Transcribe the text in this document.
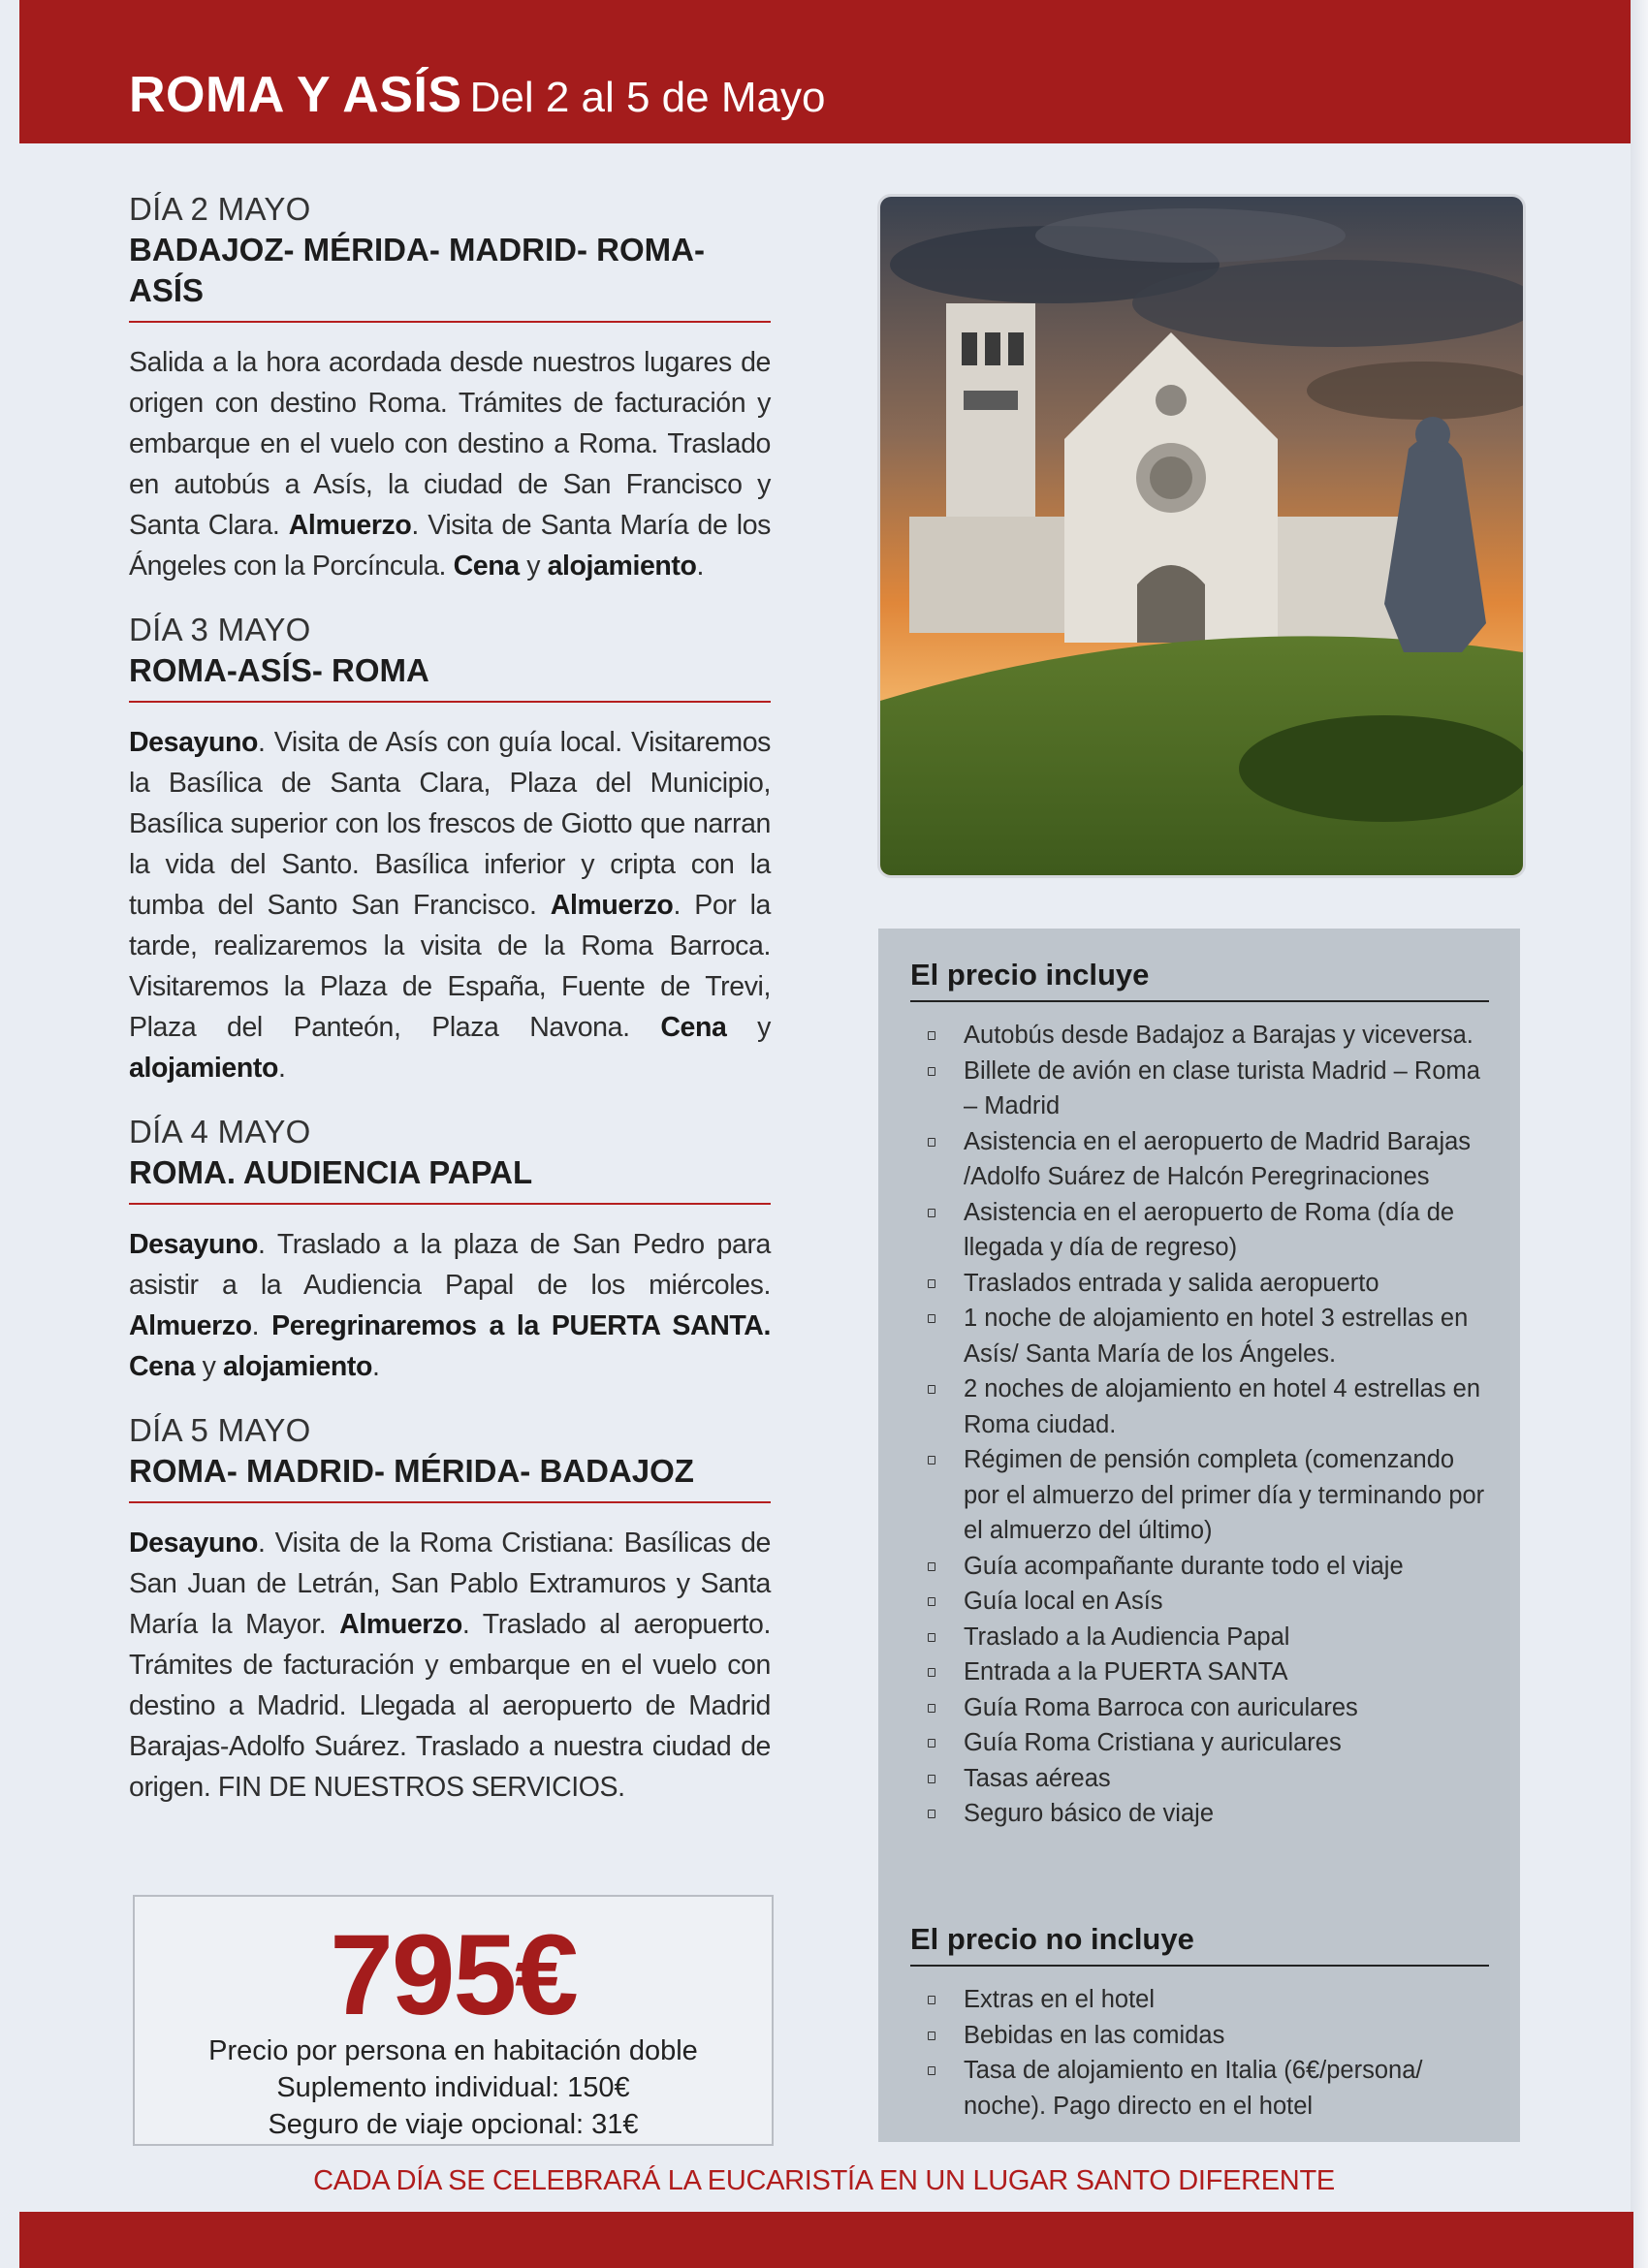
ROMA Y ASÍS Del 2 al 5 de Mayo
DÍA 2 MAYO
BADAJOZ- MÉRIDA- MADRID- ROMA- ASÍS
Salida a la hora acordada desde nuestros lugares de origen con destino Roma. Trámites de facturación y embarque en el vuelo con destino a Roma. Traslado en autobús a Asís, la ciudad de San Francisco y Santa Clara. Almuerzo. Visita de Santa María de los Ángeles con la Porcíncula. Cena y alojamiento.
DÍA 3 MAYO
ROMA-ASÍS- ROMA
Desayuno. Visita de Asís con guía local. Visitaremos la Basílica de Santa Clara, Plaza del Municipio, Basílica superior con los frescos de Giotto que narran la vida del Santo. Basílica inferior y cripta con la tumba del Santo San Francisco. Almuerzo. Por la tarde, realizaremos la visita de la Roma Barroca. Visitaremos la Plaza de España, Fuente de Trevi, Plaza del Panteón, Plaza Navona. Cena y alojamiento.
DÍA 4 MAYO
ROMA. AUDIENCIA PAPAL
Desayuno. Traslado a la plaza de San Pedro para asistir a la Audiencia Papal de los miércoles. Almuerzo. Peregrinaremos a la PUERTA SANTA. Cena y alojamiento.
DÍA 5 MAYO
ROMA- MADRID- MÉRIDA- BADAJOZ
Desayuno. Visita de la Roma Cristiana: Basílicas de San Juan de Letrán, San Pablo Extramuros y Santa María la Mayor. Almuerzo. Traslado al aeropuerto. Trámites de facturación y embarque en el vuelo con destino a Madrid. Llegada al aeropuerto de Madrid Barajas-Adolfo Suárez. Traslado a nuestra ciudad de origen. FIN DE NUESTROS SERVICIOS.
795€
Precio por persona en habitación doble
Suplemento individual: 150€
Seguro de viaje opcional: 31€
El precio incluye
Autobús desde Badajoz a Barajas y viceversa.
Billete de avión en clase turista Madrid – Roma – Madrid
Asistencia en el aeropuerto de Madrid Barajas /Adolfo Suárez de Halcón Peregrinaciones
Asistencia en el aeropuerto de Roma (día de llegada y día de regreso)
Traslados entrada y salida aeropuerto
1 noche de alojamiento en hotel 3 estrellas en Asís/ Santa María de los Ángeles.
2 noches de alojamiento en hotel 4 estrellas en Roma ciudad.
Régimen de pensión completa (comenzando por el almuerzo del primer día y terminando por el almuerzo del último)
Guía acompañante durante todo el viaje
Guía local en Asís
Traslado a la Audiencia Papal
Entrada a la PUERTA SANTA
Guía Roma Barroca con auriculares
Guía Roma Cristiana y auriculares
Tasas aéreas
Seguro básico de viaje
El precio no incluye
Extras en el hotel
Bebidas en las comidas
Tasa de alojamiento en Italia (6€/persona/ noche). Pago directo en el hotel
CADA DÍA SE CELEBRARÁ LA EUCARISTÍA EN UN LUGAR SANTO DIFERENTE
